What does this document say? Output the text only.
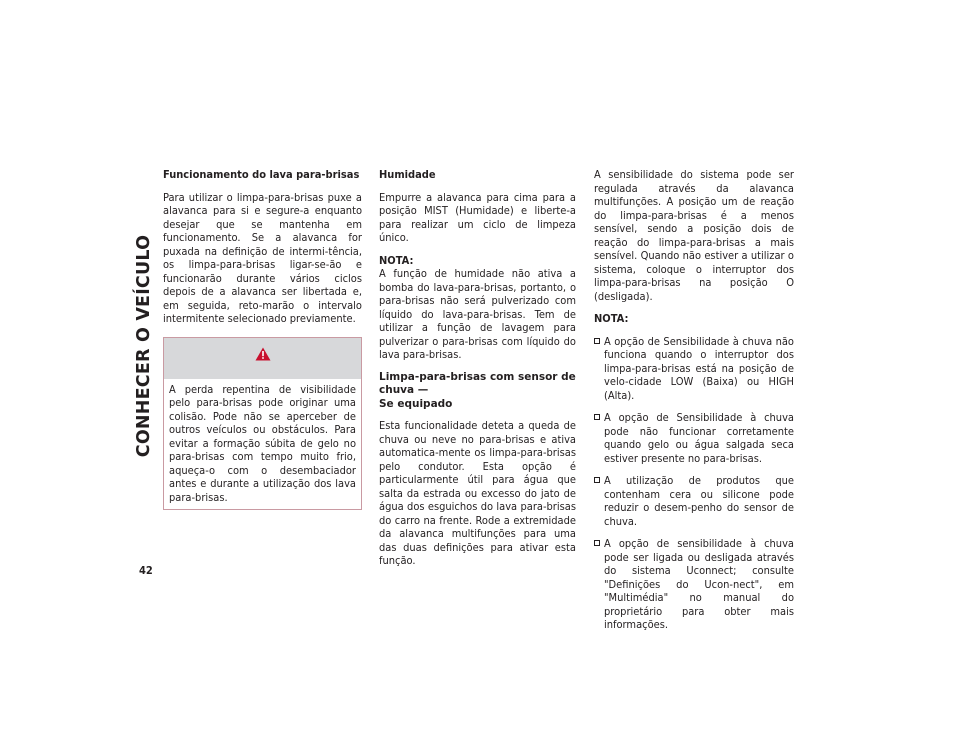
CONHECER O VEÍCULO
42

Funcionamento do lava para-brisas

Para utilizar o limpa-para-brisas puxe a alavanca para si e segure-a enquanto desejar que se mantenha em funcionamento. Se a alavanca for puxada na definição de intermi-tência, os limpa-para-brisas ligar-se-ão e funcionarão durante vários ciclos depois de a alavanca ser libertada e, em seguida, reto-marão o intervalo intermitente selecionado previamente.

A perda repentina de visibilidade pelo para-brisas pode originar uma colisão. Pode não se aperceber de outros veículos ou obstáculos. Para evitar a formação súbita de gelo no para-brisas com tempo muito frio, aqueça-o com o desembaciador antes e durante a utilização dos lava para-brisas.

Humidade

Empurre a alavanca para cima para a posição MIST (Humidade) e liberte-a para realizar um ciclo de limpeza único.

NOTA:

A função de humidade não ativa a bomba do lava-para-brisas, portanto, o para-brisas não será pulverizado com líquido do lava-para-brisas. Tem de utilizar a função de lavagem para pulverizar o para-brisas com líquido do lava para-brisas.

Limpa-para-brisas com sensor de chuva —
Se equipado

Esta funcionalidade deteta a queda de chuva ou neve no para-brisas e ativa automatica-mente os limpa-para-brisas pelo condutor. Esta opção é particularmente útil para água que salta da estrada ou excesso do jato de água dos esguichos do lava para-brisas do carro na frente. Rode a extremidade da alavanca multifunções para uma das duas definições para ativar esta função.

A sensibilidade do sistema pode ser regulada através da alavanca multifunções. A posição um de reação do limpa-para-brisas é a menos sensível, sendo a posição dois de reação do limpa-para-brisas a mais sensível. Quando não estiver a utilizar o sistema, coloque o interruptor dos limpa-para-brisas na posição O (desligada).

NOTA:

A opção de Sensibilidade à chuva não funciona quando o interruptor dos limpa-para-brisas está na posição de velo-cidade LOW (Baixa) ou HIGH (Alta).
A opção de Sensibilidade à chuva pode não funcionar corretamente quando gelo ou água salgada seca estiver presente no para-brisas.
A utilização de produtos que contenham cera ou silicone pode reduzir o desem-penho do sensor de chuva.
A opção de sensibilidade à chuva pode ser ligada ou desligada através do sistema Uconnect; consulte "Definições do Ucon-nect", em "Multimédia" no manual do proprietário para obter mais informações.
